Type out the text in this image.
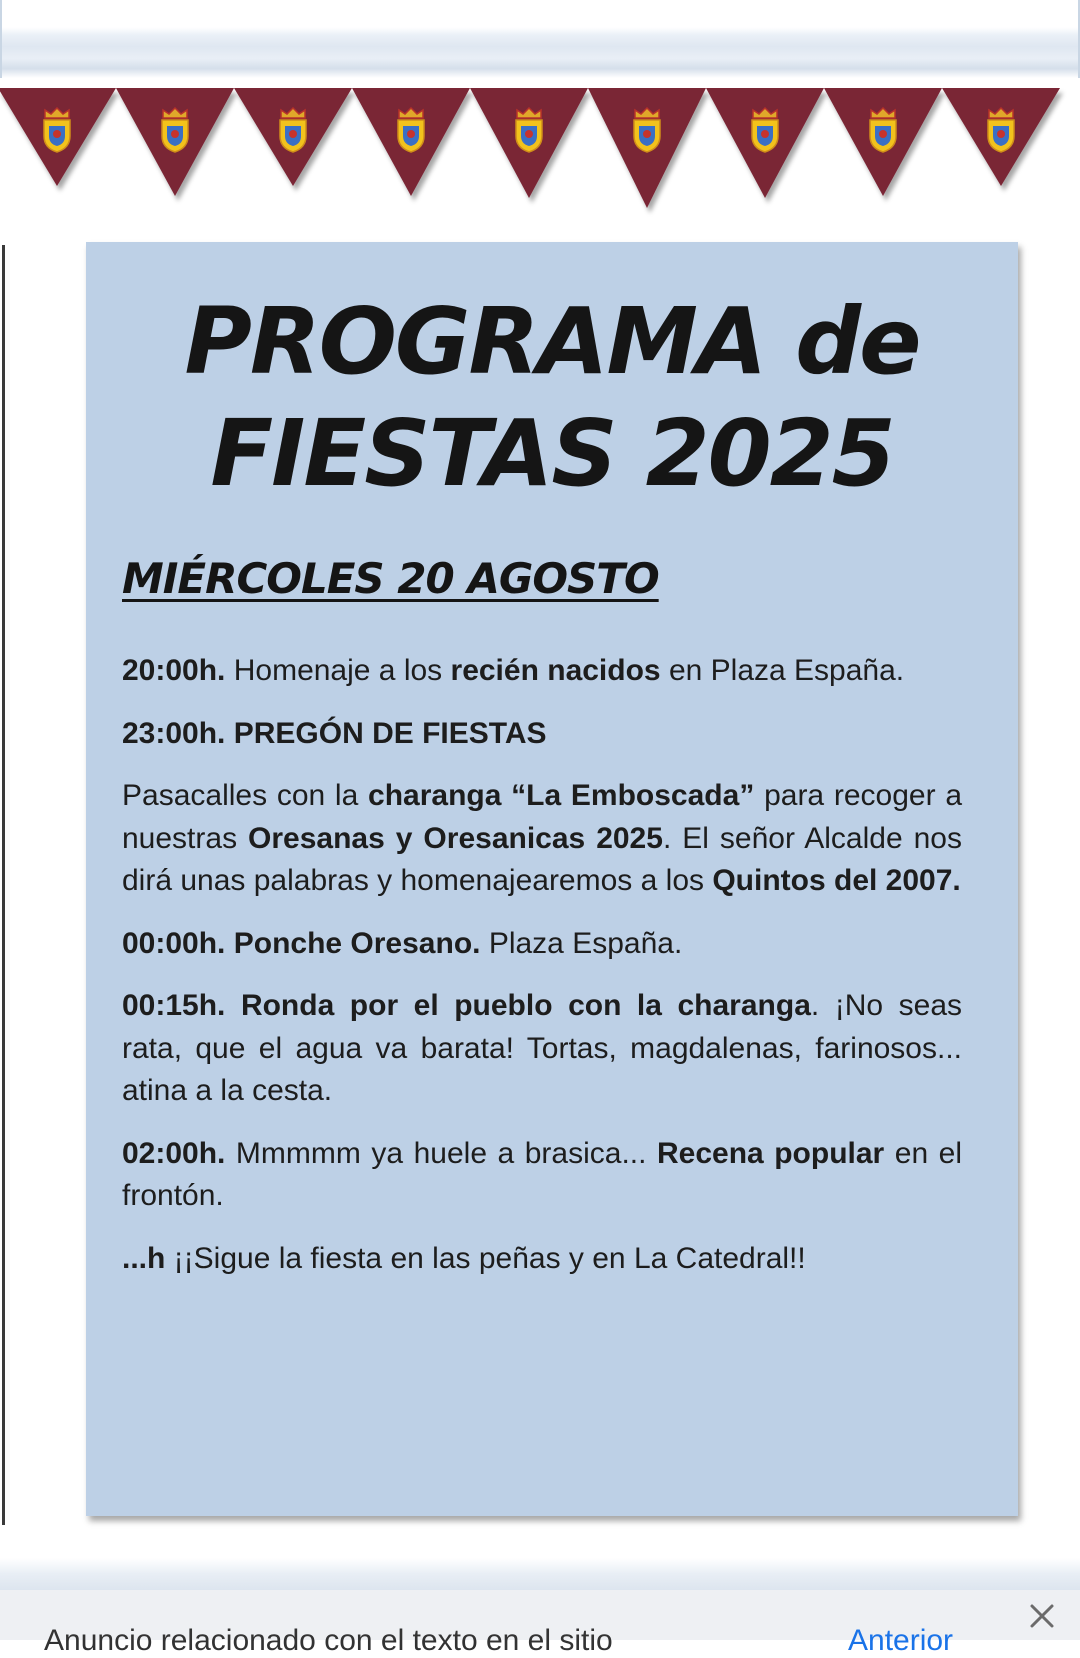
PROGRAMA de
FIESTAS 2025
MIÉRCOLES 20 AGOSTO

20:00h. Homenaje a los recién nacidos en Plaza España.

23:00h. PREGÓN DE FIESTAS

Pasacalles con la charanga “La Emboscada” para recoger a nuestras Oresanas y Oresanicas 2025. El señor Alcalde nos dirá unas palabras y homenajearemos a los Quintos del 2007.

00:00h. Ponche Oresano. Plaza España.

00:15h. Ronda por el pueblo con la charanga. ¡No seas rata, que el agua va barata! Tortas, magdalenas, farinosos... atina a la cesta.

02:00h. Mmmmm ya huele a brasica... Recena popular en el frontón.

...h ¡¡Sigue la fiesta en las peñas y en La Catedral!!

Anuncio relacionado con el texto en el sitio	Anterior
